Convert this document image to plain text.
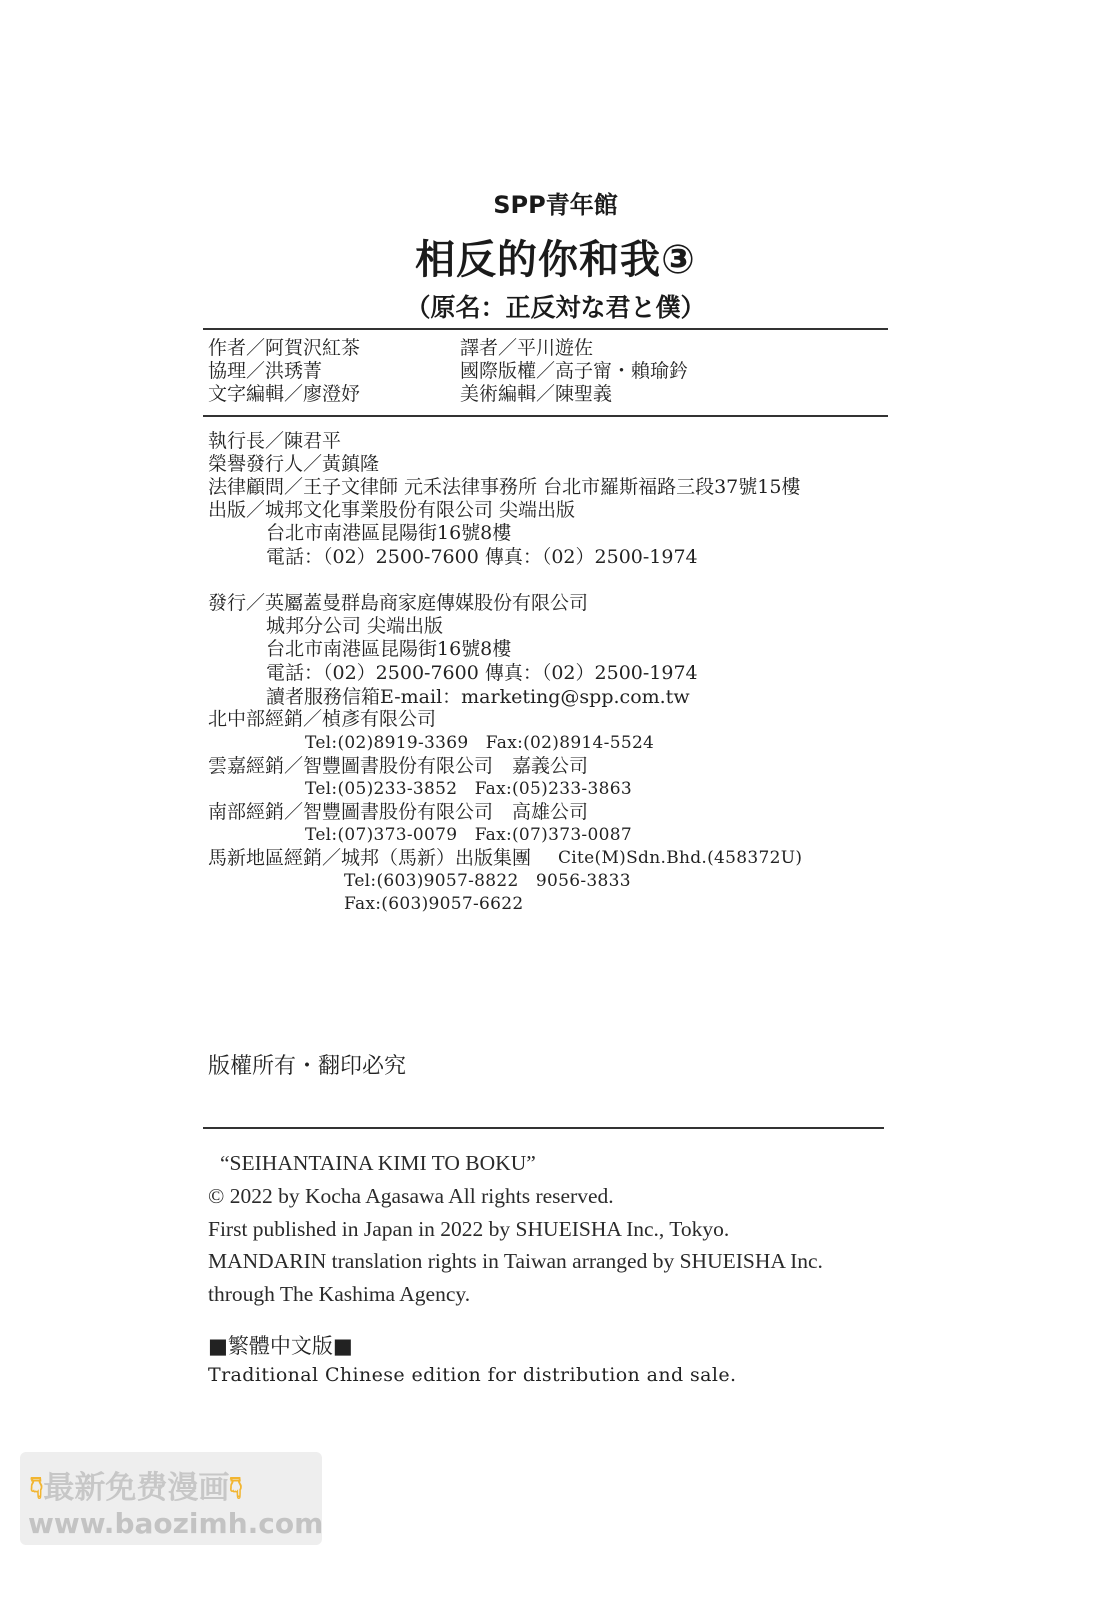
SPP青年館
相反的你和我③
（原名：正反対な君と僕）
作者／阿賀沢紅茶	譯者／平川遊佐
協理／洪琇菁	國際版權／高子甯・賴瑜鈐
文字編輯／廖澄妤	美術編輯／陳聖義
執行長／陳君平
榮譽發行人／黃鎮隆
法律顧問／王子文律師 元禾法律事務所 台北市羅斯福路三段37號15樓
出版／城邦文化事業股份有限公司 尖端出版
台北市南港區昆陽街16號8樓
電話：（02）2500-7600 傳真：（02）2500-1974
發行／英屬蓋曼群島商家庭傳媒股份有限公司
城邦分公司 尖端出版
台北市南港區昆陽街16號8樓
電話：（02）2500-7600 傳真：（02）2500-1974
讀者服務信箱E-mail：marketing@spp.com.tw
北中部經銷／楨彥有限公司
Tel:(02)8919-3369　Fax:(02)8914-5524
雲嘉經銷／智豐圖書股份有限公司　嘉義公司
Tel:(05)233-3852　Fax:(05)233-3863
南部經銷／智豐圖書股份有限公司　高雄公司
Tel:(07)373-0079　Fax:(07)373-0087
馬新地區經銷／城邦（馬新）出版集團 Cite(M)Sdn.Bhd.(458372U)
Tel:(603)9057-8822　9056-3833
Fax:(603)9057-6622
版權所有・翻印必究
“SEIHANTAINA KIMI TO BOKU”
© 2022 by Kocha Agasawa All rights reserved.
First published in Japan in 2022 by SHUEISHA Inc., Tokyo.
MANDARIN translation rights in Taiwan arranged by SHUEISHA Inc.
through The Kashima Agency.
■繁體中文版■
Traditional Chinese edition for distribution and sale.
👇︎最新免费漫画👇︎
www.baozimh.com
